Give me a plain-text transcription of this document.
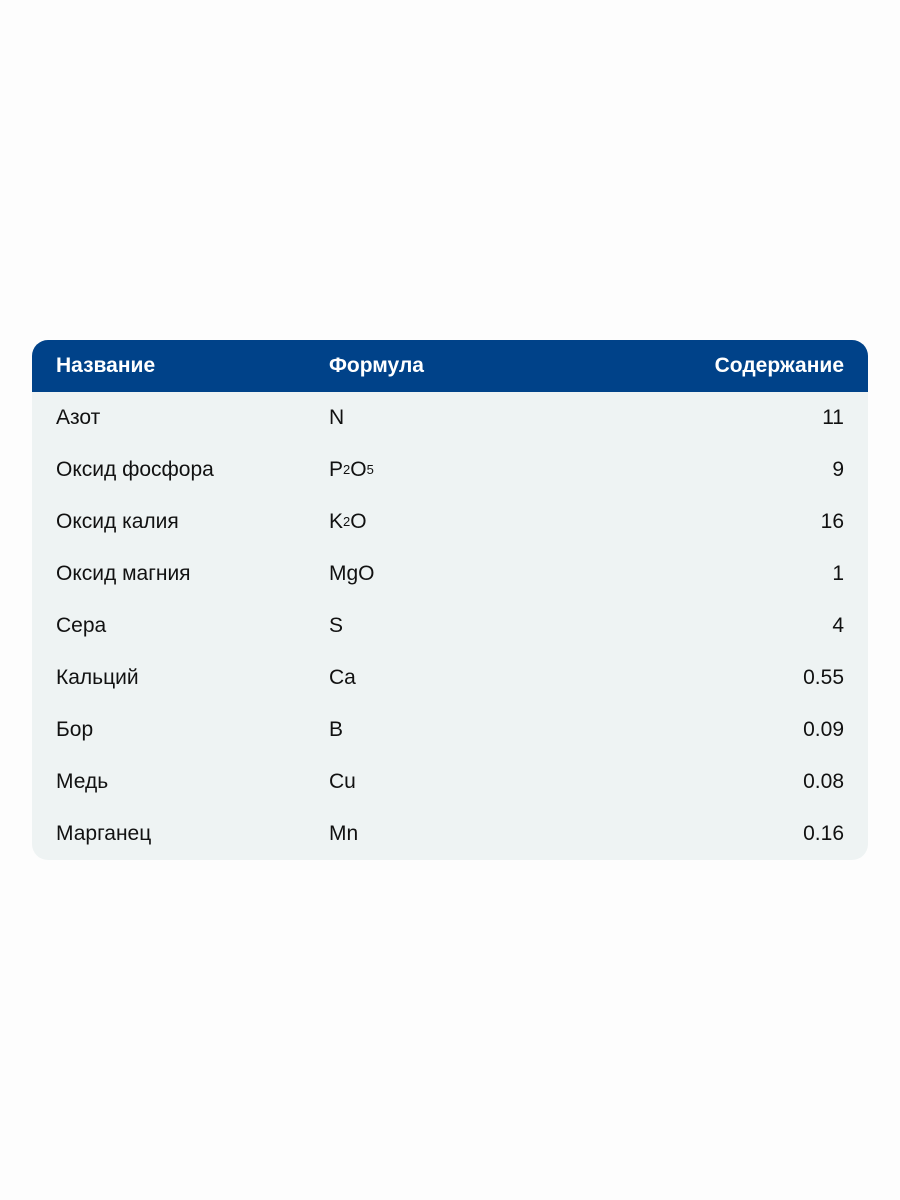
Название	Формула	Содержание
Азот	N	11
Оксид фосфора	P 2 O 5	9
Оксид калия	K 2 O	16
Оксид магния	MgO	1
Сера	S	4
Кальций	Ca	0.55
Бор	B	0.09
Медь	Cu	0.08
Марганец	Mn	0.16
